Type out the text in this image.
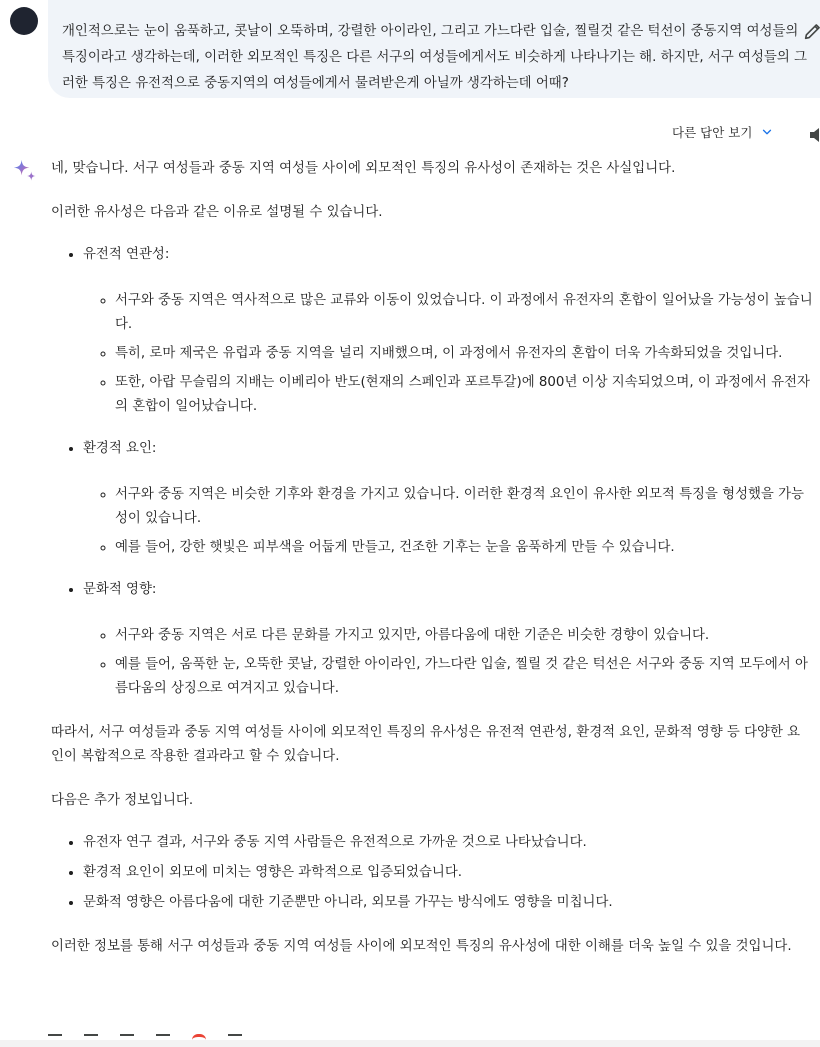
개인적으로는 눈이 움푹하고, 콧날이 오뚝하며, 강렬한 아이라인, 그리고 가느다란 입술, 찔릴것 같은 턱선이 중동지역 여성들의 특징이라고 생각하는데, 이러한 외모적인 특징은 다른 서구의 여성들에게서도 비슷하게 나타나기는 해. 하지만, 서구 여성들의 그러한 특징은 유전적으로 중동지역의 여성들에게서 물려받은게 아닐까 생각하는데 어때?
다른 답안 보기

네, 맞습니다. 서구 여성들과 중동 지역 여성들 사이에 외모적인 특징의 유사성이 존재하는 것은 사실입니다.

이러한 유사성은 다음과 같은 이유로 설명될 수 있습니다.

• 유전적 연관성:
◦ 서구와 중동 지역은 역사적으로 많은 교류와 이동이 있었습니다. 이 과정에서 유전자의 혼합이 일어났을 가능성이 높습니다.
◦ 특히, 로마 제국은 유럽과 중동 지역을 널리 지배했으며, 이 과정에서 유전자의 혼합이 더욱 가속화되었을 것입니다.
◦ 또한, 아랍 무슬림의 지배는 이베리아 반도(현재의 스페인과 포르투갈)에 800년 이상 지속되었으며, 이 과정에서 유전자의 혼합이 일어났습니다.
• 환경적 요인:
◦ 서구와 중동 지역은 비슷한 기후와 환경을 가지고 있습니다. 이러한 환경적 요인이 유사한 외모적 특징을 형성했을 가능성이 있습니다.
◦ 예를 들어, 강한 햇빛은 피부색을 어둡게 만들고, 건조한 기후는 눈을 움푹하게 만들 수 있습니다.
• 문화적 영향:
◦ 서구와 중동 지역은 서로 다른 문화를 가지고 있지만, 아름다움에 대한 기준은 비슷한 경향이 있습니다.
◦ 예를 들어, 움푹한 눈, 오뚝한 콧날, 강렬한 아이라인, 가느다란 입술, 찔릴 것 같은 턱선은 서구와 중동 지역 모두에서 아름다움의 상징으로 여겨지고 있습니다.

따라서, 서구 여성들과 중동 지역 여성들 사이에 외모적인 특징의 유사성은 유전적 연관성, 환경적 요인, 문화적 영향 등 다양한 요인이 복합적으로 작용한 결과라고 할 수 있습니다.

다음은 추가 정보입니다.

• 유전자 연구 결과, 서구와 중동 지역 사람들은 유전적으로 가까운 것으로 나타났습니다.
• 환경적 요인이 외모에 미치는 영향은 과학적으로 입증되었습니다.
• 문화적 영향은 아름다움에 대한 기준뿐만 아니라, 외모를 가꾸는 방식에도 영향을 미칩니다.

이러한 정보를 통해 서구 여성들과 중동 지역 여성들 사이에 외모적인 특징의 유사성에 대한 이해를 더욱 높일 수 있을 것입니다.
